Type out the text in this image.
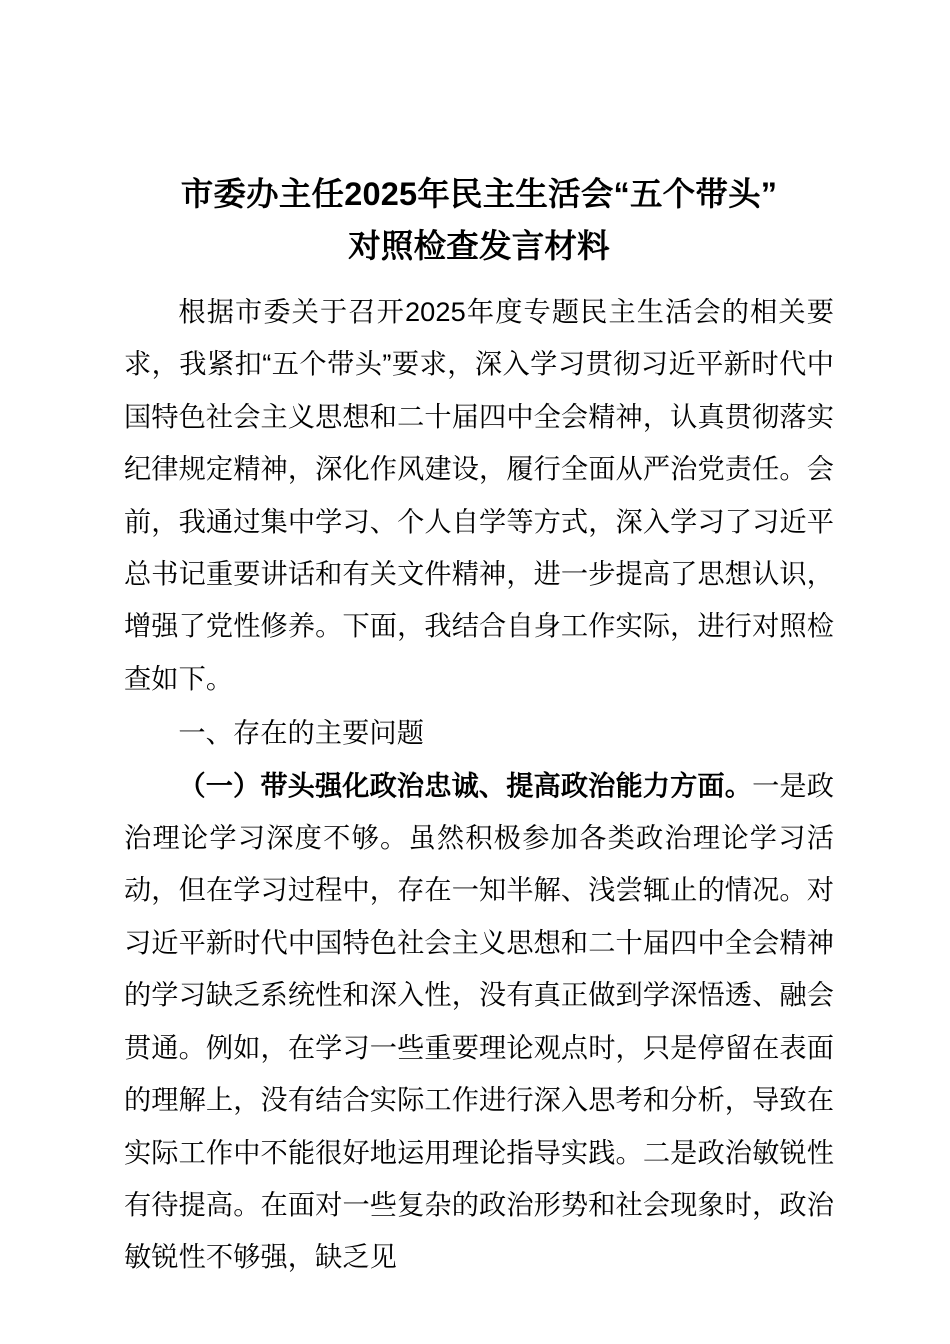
市委办主任2025年民主生活会“五个带头”
对照检查发言材料

根据市委关于召开2025年度专题民主生活会的相关要求，我紧扣“五个带头”要求，深入学习贯彻习近平新时代中国特色社会主义思想和二十届四中全会精神，认真贯彻落实纪律规定精神，深化作风建设，履行全面从严治党责任。会前，我通过集中学习、个人自学等方式，深入学习了习近平总书记重要讲话和有关文件精神，进一步提高了思想认识，增强了党性修养。下面，我结合自身工作实际，进行对照检查如下。

一、存在的主要问题

（一）带头强化政治忠诚、提高政治能力方面。一是政治理论学习深度不够。虽然积极参加各类政治理论学习活动，但在学习过程中，存在一知半解、浅尝辄止的情况。对习近平新时代中国特色社会主义思想和二十届四中全会精神的学习缺乏系统性和深入性，没有真正做到学深悟透、融会贯通。例如，在学习一些重要理论观点时，只是停留在表面的理解上，没有结合实际工作进行深入思考和分析，导致在实际工作中不能很好地运用理论指导实践。二是政治敏锐性有待提高。在面对一些复杂的政治形势和社会现象时，政治敏锐性不够强，缺乏见
